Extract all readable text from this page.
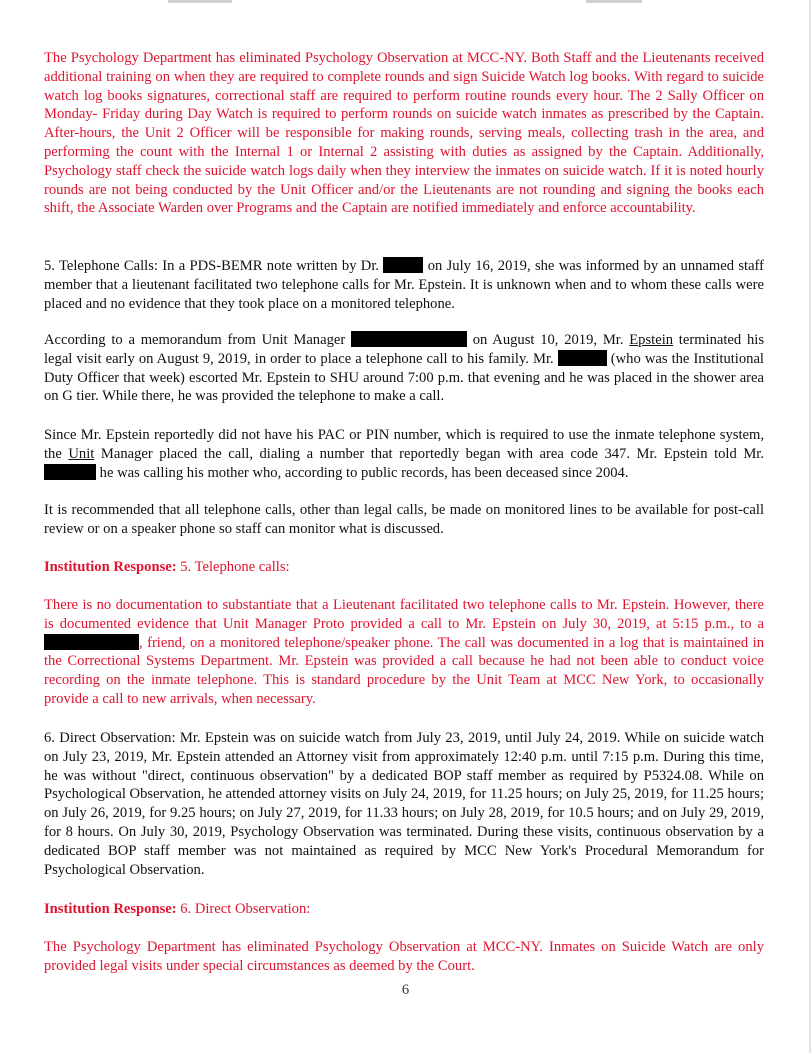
The Psychology Department has eliminated Psychology Observation at MCC-NY. Both Staff and the Lieutenants received additional training on when they are required to complete rounds and sign Suicide Watch log books. With regard to suicide watch log books signatures, correctional staff are required to perform routine rounds every hour. The 2 Sally Officer on Monday- Friday during Day Watch is required to perform rounds on suicide watch inmates as prescribed by the Captain. After-hours, the Unit 2 Officer will be responsible for making rounds, serving meals, collecting trash in the area, and performing the count with the Internal 1 or Internal 2 assisting with duties as assigned by the Captain. Additionally, Psychology staff check the suicide watch logs daily when they interview the inmates on suicide watch. If it is noted hourly rounds are not being conducted by the Unit Officer and/or the Lieutenants are not rounding and signing the books each shift, the Associate Warden over Programs and the Captain are notified immediately and enforce accountability.

5. Telephone Calls: In a PDS-BEMR note written by Dr.	on July 16, 2019, she was informed by an unnamed staff member that a lieutenant facilitated two telephone calls for Mr. Epstein. It is unknown when and to whom these calls were placed and no evidence that they took place on a monitored telephone.

According to a memorandum from Unit Manager	on August 10, 2019, Mr. Epstein terminated his legal visit early on August 9, 2019, in order to place a telephone call to his family. Mr.	(who was the Institutional Duty Officer that week) escorted Mr. Epstein to SHU around 7:00 p.m. that evening and he was placed in the shower area on G tier. While there, he was provided the telephone to make a call.

Since Mr. Epstein reportedly did not have his PAC or PIN number, which is required to use the inmate telephone system, the Unit Manager placed the call, dialing a number that reportedly began with area code 347. Mr. Epstein told Mr.  he was calling his mother who, according to public records, has been deceased since 2004.

It is recommended that all telephone calls, other than legal calls, be made on monitored lines to be available for post-call review or on a speaker phone so staff can monitor what is discussed.

Institution Response: 5. Telephone calls:

There is no documentation to substantiate that a Lieutenant facilitated two telephone calls to Mr. Epstein. However, there is documented evidence that Unit Manager Proto provided a call to Mr. Epstein on July 30, 2019, at 5:15 p.m., to a , friend, on a monitored telephone/speaker phone. The call was documented in a log that is maintained in the Correctional Systems Department. Mr. Epstein was provided a call because he had not been able to conduct voice recording on the inmate telephone. This is standard procedure by the Unit Team at MCC New York, to occasionally provide a call to new arrivals, when necessary.

6. Direct Observation: Mr. Epstein was on suicide watch from July 23, 2019, until July 24, 2019. While on suicide watch on July 23, 2019, Mr. Epstein attended an Attorney visit from approximately 12:40 p.m. until 7:15 p.m. During this time, he was without "direct, continuous observation" by a dedicated BOP staff member as required by P5324.08. While on Psychological Observation, he attended attorney visits on July 24, 2019, for 11.25 hours; on July 25, 2019, for 11.25 hours; on July 26, 2019, for 9.25 hours; on July 27, 2019, for 11.33 hours; on July 28, 2019, for 10.5 hours; and on July 29, 2019, for 8 hours. On July 30, 2019, Psychology Observation was terminated. During these visits, continuous observation by a dedicated BOP staff member was not maintained as required by MCC New York's Procedural Memorandum for Psychological Observation.

Institution Response: 6. Direct Observation:

The Psychology Department has eliminated Psychology Observation at MCC-NY. Inmates on Suicide Watch are only provided legal visits under special circumstances as deemed by the Court.

6
